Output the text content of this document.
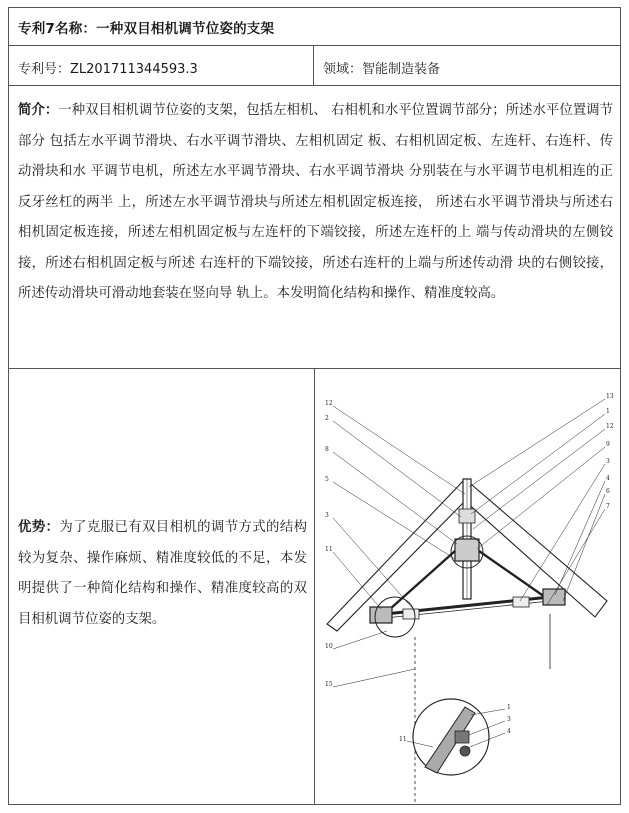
专利7名称：一种双目相机调节位姿的支架
专利号：ZL201711344593.3	领域：智能制造装备
简介：一种双目相机调节位姿的支架，包括左相机、 右相机和水平位置调节部分；所述水平位置调节部分 包括左水平调节滑块、右水平调节滑块、左相机固定 板、右相机固定板、左连杆、右连杆、传动滑块和水 平调节电机，所述左水平调节滑块、右水平调节滑块 分别装在与水平调节电机相连的正反牙丝杠的两半 上，所述左水平调节滑块与所述左相机固定板连接， 所述右水平调节滑块与所述右相机固定板连接，所述左相机固定板与左连杆的下端铰接，所述左连杆的上 端与传动滑块的左侧铰接，所述右相机固定板与所述 右连杆的下端铰接，所述右连杆的上端与所述传动滑 块的右侧铰接，所述传动滑块可滑动地套装在竖向导 轨上。本发明简化结构和操作、精准度较高。
优势：为了克服已有双目相机的调节方式的结构较为复杂、操作麻烦、精准度较低的不足，本发明提供了一种简化结构和操作、精准度较高的双目相机调节位姿的支架。
12
2
8
5
3
11
10
15
13
1
12
9
3
4
6
7
1
3
4
11
